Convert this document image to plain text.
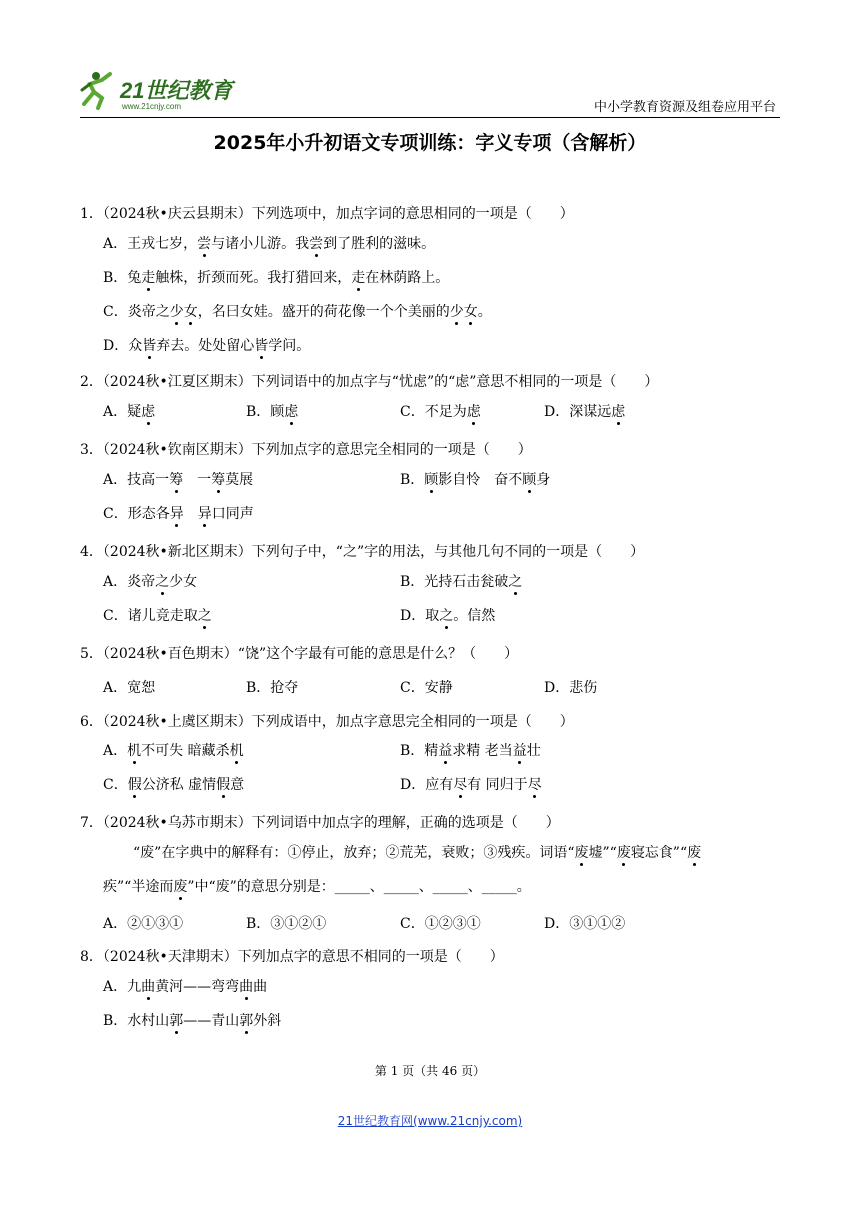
21世纪教育
www.21cnjy.com	中小学教育资源及组卷应用平台
2025年小升初语文专项训练：字义专项（含解析）
1．（2024秋•庆云县期末）下列选项中，加点字词的意思相同的一项是（　　）
A．王戎七岁，尝与诸小儿游。我尝到了胜利的滋味。
B．兔走触株，折颈而死。我打猎回来，走在林荫路上。
C．炎帝之少女，名曰女娃。盛开的荷花像一个个美丽的少女。
D．众皆弃去。处处留心皆学问。
2．（2024秋•江夏区期末）下列词语中的加点字与“忧虑”的“虑”意思不相同的一项是（　　）
A．疑虑	B．顾虑	C．不足为虑	D．深谋远虑
3．（2024秋•钦南区期末）下列加点字的意思完全相同的一项是（　　）
A．技高一筹　一筹莫展	B．顾影自怜　奋不顾身
C．形态各异　 异口同声
4．（2024秋•新北区期末）下列句子中，“之”字的用法，与其他几句不同的一项是（　　）
A．炎帝之少女	B．光持石击瓮破之
C．诸儿竞走取之	D．取之。信然
5．（2024秋•百色期末）“饶”这个字最有可能的意思是什么？（　　）
A．宽恕	B．抢夺	C．安静	D．悲伤
6．（2024秋•上虞区期末）下列成语中，加点字意思完全相同的一项是（　　）
A．机不可失 暗藏杀机	B．精益求精 老当益壮
C．假公济私 虚情假意	D．应有尽有 同归于尽
7．（2024秋•乌苏市期末）下列词语中加点字的理解，正确的选项是（　　）
“废”在字典中的解释有：①停止，放弃；②荒芜，衰败；③残疾。词语“废墟”“废寝忘食”“废
疾”“半途而废”中“废”的意思分别是：_____、_____、_____、_____。
A．②①③①	B．③①②①	C．①②③①	D．③①①②
8．（2024秋•天津期末）下列加点字的意思不相同的一项是（　　）
A．九曲黄河——弯弯曲曲
B．水村山郭——青山郭外斜
第 1 页（共 46 页）
21世纪教育网(www.21cnjy.com)
